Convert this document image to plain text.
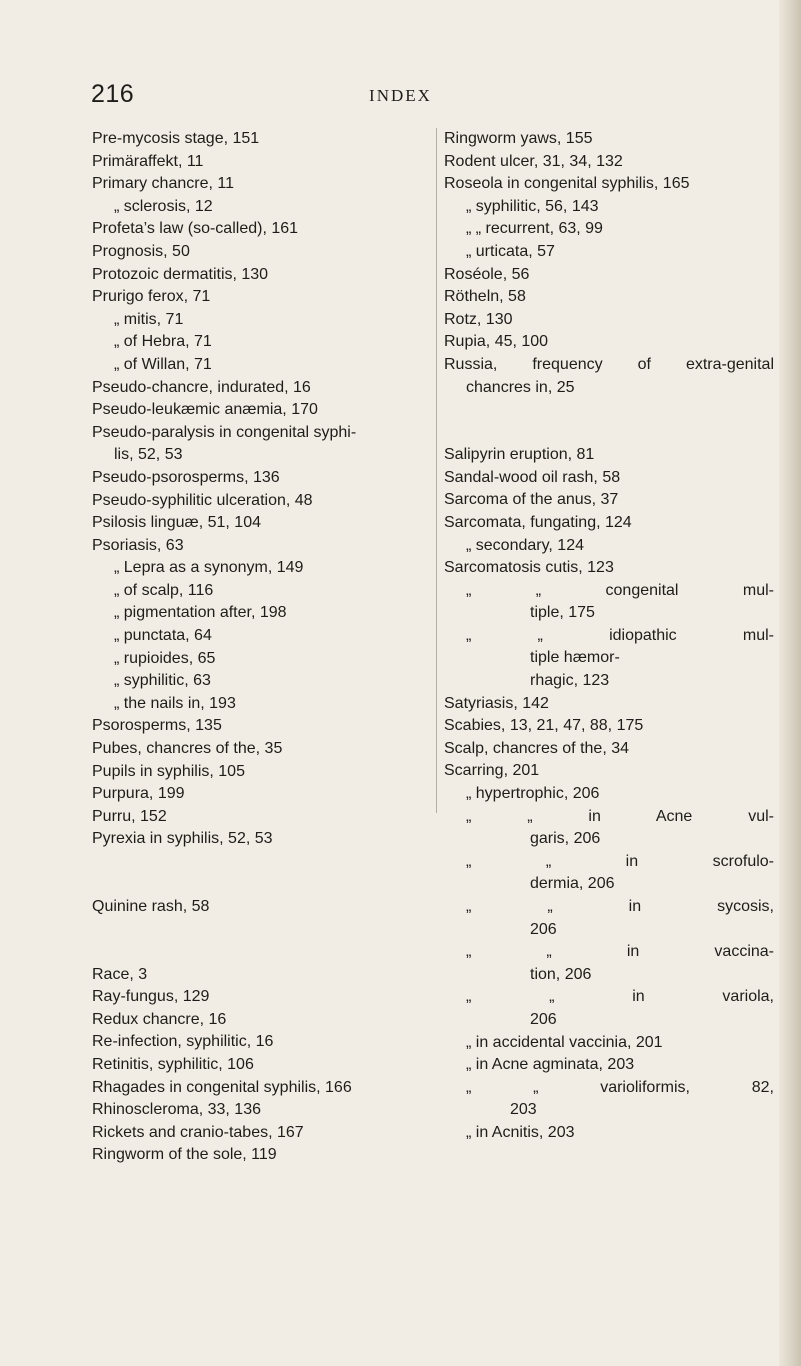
216	INDEX
Pre-mycosis stage, 151
Primäraffekt, 11
Primary chancre, 11
„ sclerosis, 12
Profeta’s law (so-called), 161
Prognosis, 50
Protozoic dermatitis, 130
Prurigo ferox, 71
„ mitis, 71
„ of Hebra, 71
„ of Willan, 71
Pseudo-chancre, indurated, 16
Pseudo-leukæmic anæmia, 170
Pseudo-paralysis in congenital syphi-
lis, 52, 53
Pseudo-psorosperms, 136
Pseudo-syphilitic ulceration, 48
Psilosis linguæ, 51, 104
Psoriasis, 63
„ Lepra as a synonym, 149
„ of scalp, 116
„ pigmentation after, 198
„ punctata, 64
„ rupioides, 65
„ syphilitic, 63
„ the nails in, 193
Psorosperms, 135
Pubes, chancres of the, 35
Pupils in syphilis, 105
Purpura, 199
Purru, 152
Pyrexia in syphilis, 52, 53
Quinine rash, 58
Race, 3
Ray-fungus, 129
Redux chancre, 16
Re-infection, syphilitic, 16
Retinitis, syphilitic, 106
Rhagades in congenital syphilis, 166
Rhinoscleroma, 33, 136
Rickets and cranio-tabes, 167
Ringworm of the sole, 119
Ringworm yaws, 155
Rodent ulcer, 31, 34, 132
Roseola in congenital syphilis, 165
„ syphilitic, 56, 143
„ „ recurrent, 63, 99
„ urticata, 57
Roséole, 56
Rötheln, 58
Rotz, 130
Rupia, 45, 100
Russia, frequency of extra-genital
chancres in, 25
Salipyrin eruption, 81
Sandal-wood oil rash, 58
Sarcoma of the anus, 37
Sarcomata, fungating, 124
„ secondary, 124
Sarcomatosis cutis, 123
„ „ congenital mul-
tiple, 175
„ „ idiopathic mul-
tiple hæmor-
rhagic, 123
Satyriasis, 142
Scabies, 13, 21, 47, 88, 175
Scalp, chancres of the, 34
Scarring, 201
„ hypertrophic, 206
„ „ in Acne vul-
garis, 206
„ „ in scrofulo-
dermia, 206
„ „ in sycosis,
206
„ „ in vaccina-
tion, 206
„ „ in variola,
206
„ in accidental vaccinia, 201
„ in Acne agminata, 203
„ „ varioliformis, 82,
203
„ in Acnitis, 203
